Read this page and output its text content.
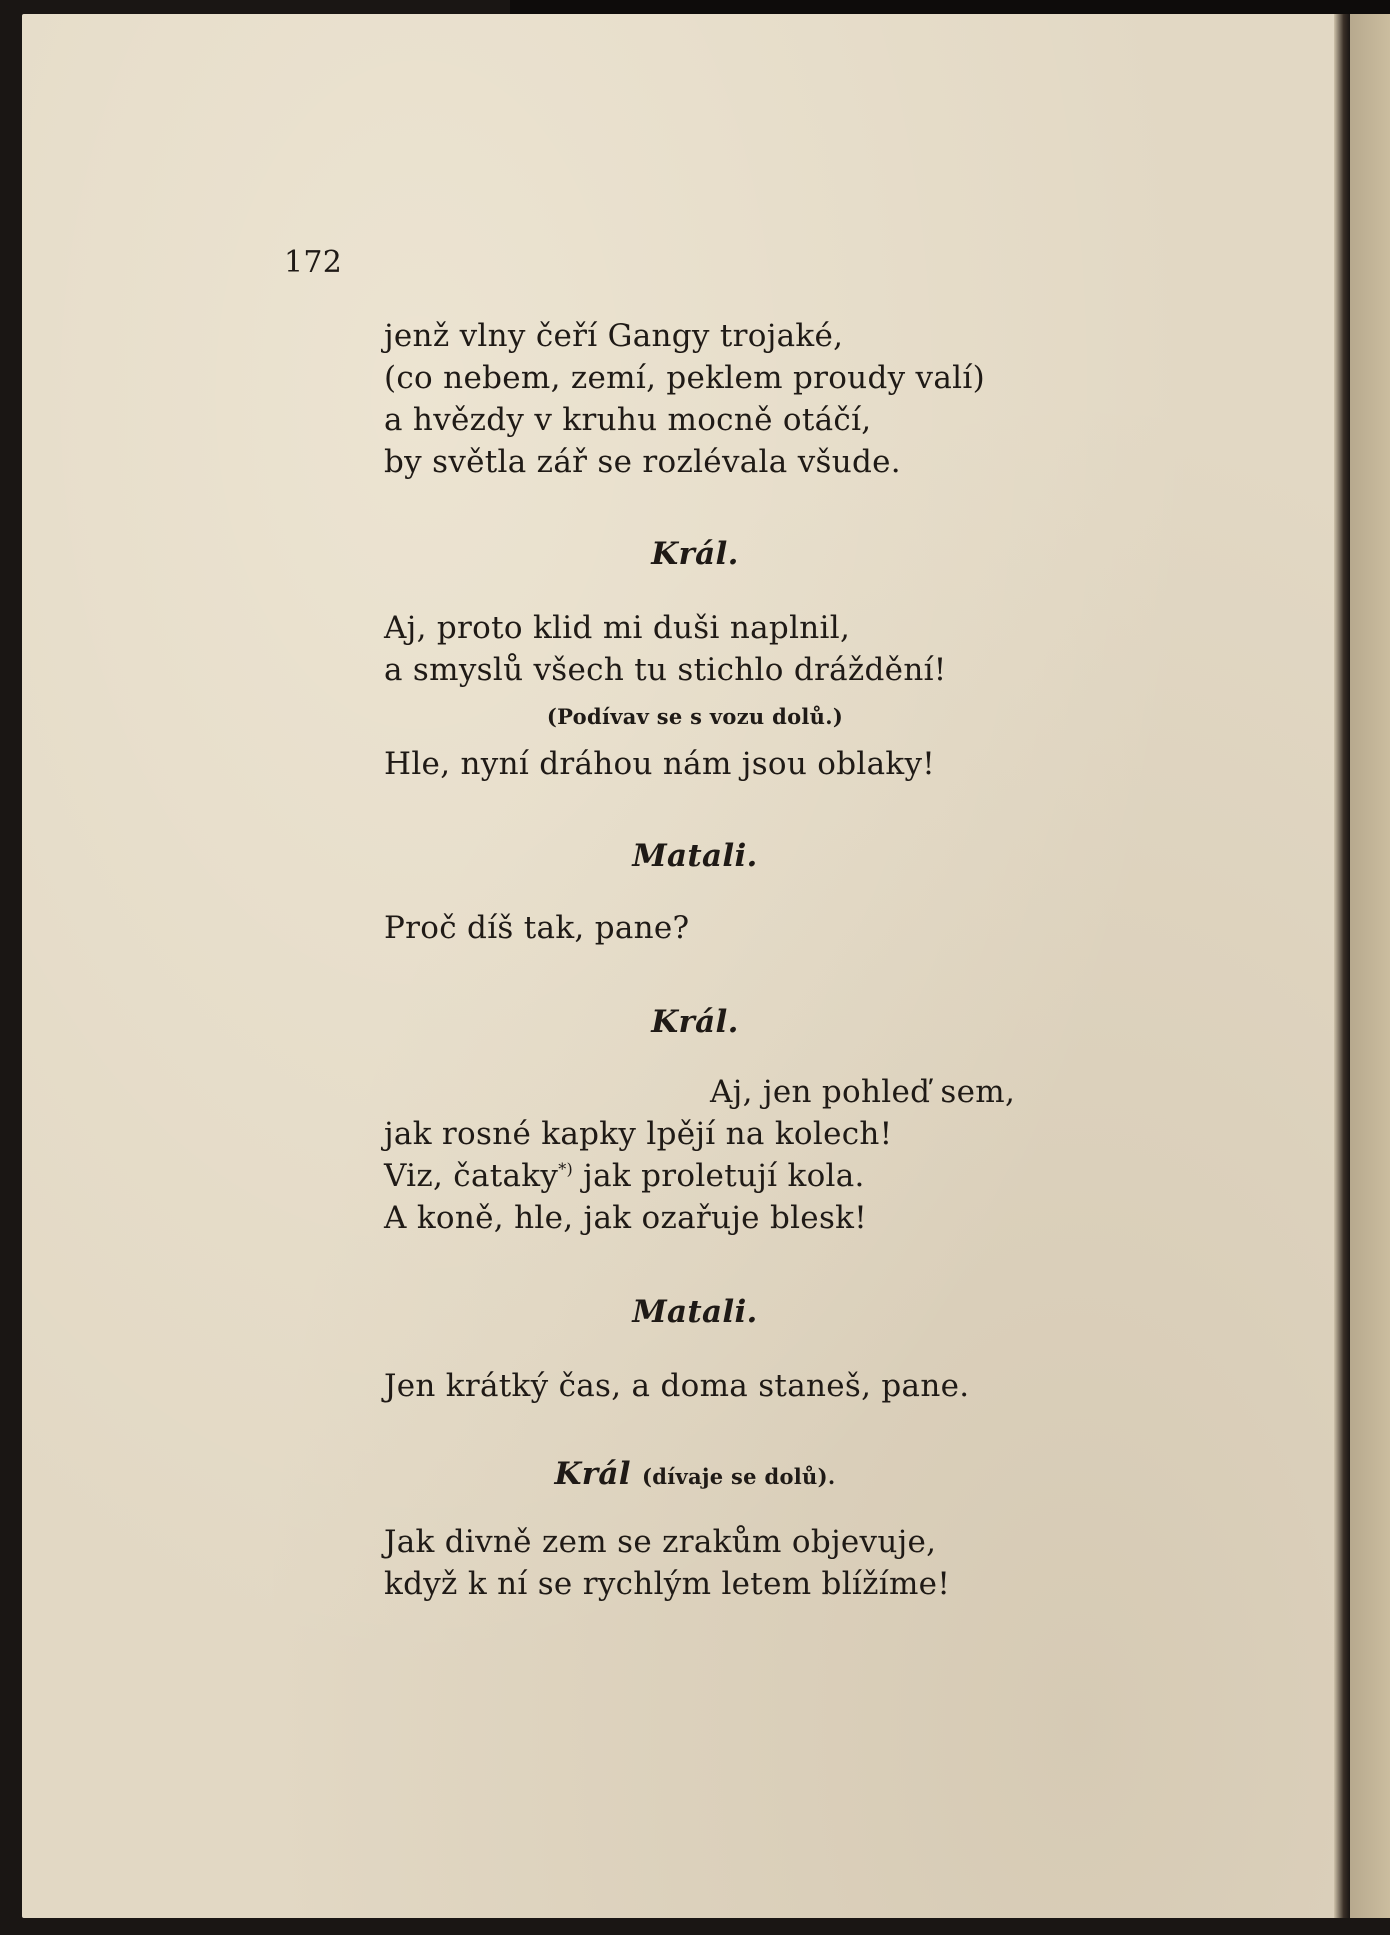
172
jenž vlny čeří Gangy trojaké,
(co nebem, zemí, peklem proudy valí)
a hvězdy v kruhu mocně otáčí,
by světla zář se rozlévala všude.
Král.
Aj, proto klid mi duši naplnil,
a smyslů všech tu stichlo dráždění!
(Podívav se s vozu dolů.)
Hle, nyní dráhou nám jsou oblaky!
Matali.
Proč díš tak, pane?
Král.
Aj, jen pohleď sem,
jak rosné kapky lpějí na kolech!
Viz, čataky*) jak proletují kola.
A koně, hle, jak ozařuje blesk!
Matali.
Jen krátký čas, a doma staneš, pane.
Král (dívaje se dolů).
Jak divně zem se zrakům objevuje,
když k ní se rychlým letem blížíme!
